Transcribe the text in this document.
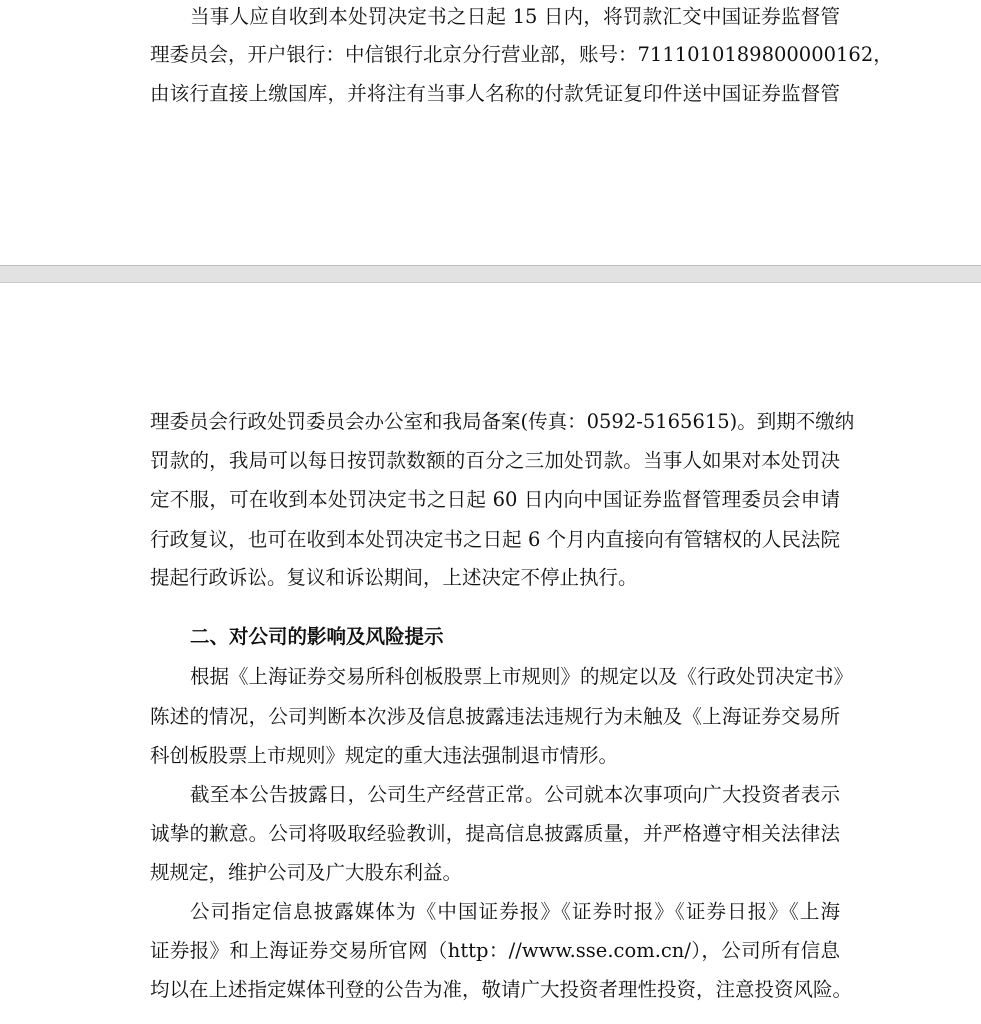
当事人应自收到本处罚决定书之日起 15 日内，将罚款汇交中国证券监督管
理委员会，开户银行：中信银行北京分行营业部，账号：7111010189800000162，
由该行直接上缴国库，并将注有当事人名称的付款凭证复印件送中国证券监督管
理委员会行政处罚委员会办公室和我局备案(传真：0592-5165615)。到期不缴纳
罚款的，我局可以每日按罚款数额的百分之三加处罚款。当事人如果对本处罚决
定不服，可在收到本处罚决定书之日起 60 日内向中国证券监督管理委员会申请
行政复议，也可在收到本处罚决定书之日起 6 个月内直接向有管辖权的人民法院
提起行政诉讼。复议和诉讼期间，上述决定不停止执行。
二、对公司的影响及风险提示
根据《上海证券交易所科创板股票上市规则》的规定以及《行政处罚决定书》
陈述的情况，公司判断本次涉及信息披露违法违规行为未触及《上海证券交易所
科创板股票上市规则》规定的重大违法强制退市情形。
截至本公告披露日，公司生产经营正常。公司就本次事项向广大投资者表示
诚挚的歉意。公司将吸取经验教训，提高信息披露质量，并严格遵守相关法律法
规规定，维护公司及广大股东利益。
公司指定信息披露媒体为《中国证券报》《证券时报》《证券日报》《上海
证券报》和上海证券交易所官网（http：//www.sse.com.cn/），公司所有信息
均以在上述指定媒体刊登的公告为准，敬请广大投资者理性投资，注意投资风险。
